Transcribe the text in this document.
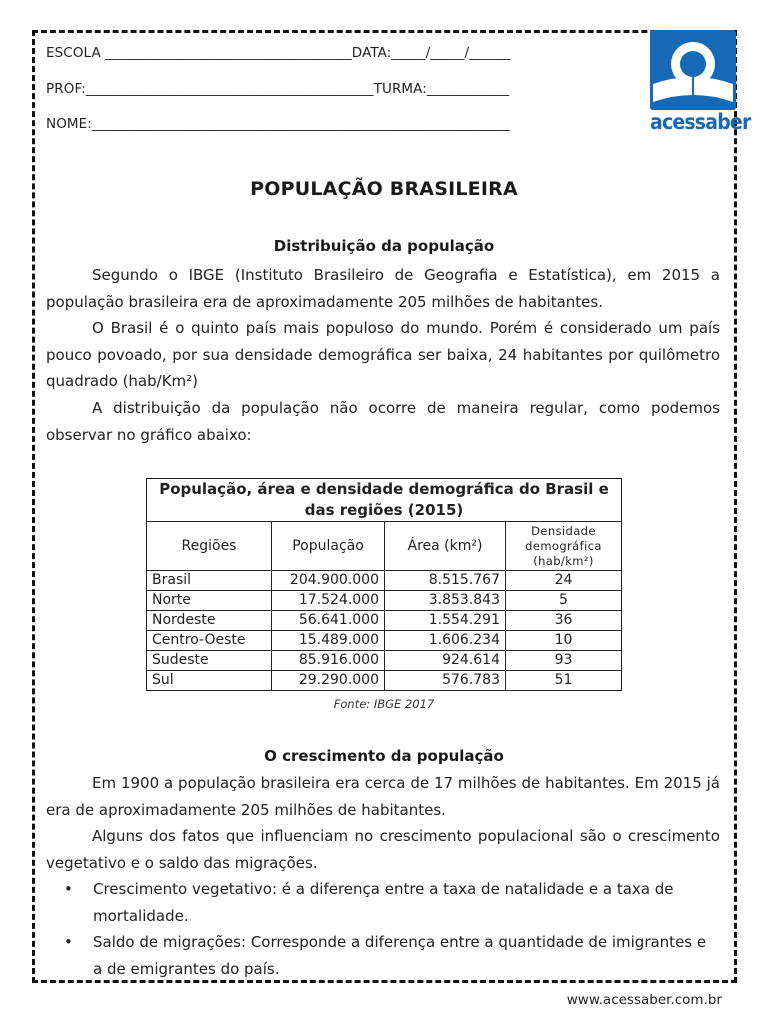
ESCOLA ____________________________________DATA:_____/_____/______
PROF:__________________________________________TURMA:____________
NOME:_____________________________________________________________	acessaber
POPULAÇÃO BRASILEIRA
Distribuição da população
Segundo o IBGE (Instituto Brasileiro de Geografia e Estatística), em 2015 a população brasileira era de aproximadamente 205 milhões de habitantes.
O Brasil é o quinto país mais populoso do mundo. Porém é considerado um país pouco povoado, por sua densidade demográfica ser baixa, 24 habitantes por quilômetro quadrado (hab/Km²)
A distribuição da população não ocorre de maneira regular, como podemos observar no gráfico abaixo:
População, área e densidade demográfica do Brasil e das regiões (2015)			
Regiões	População	Área (km²)	Densidade demográfica (hab/km²)
Brasil	204.900.000	8.515.767	24
Norte	17.524.000	3.853.843	5
Nordeste	56.641.000	1.554.291	36
Centro-Oeste	15.489.000	1.606.234	10
Sudeste	85.916.000	924.614	93
Sul	29.290.000	576.783	51
Fonte: IBGE 2017
O crescimento da população
Em 1900 a população brasileira era cerca de 17 milhões de habitantes. Em 2015 já era de aproximadamente 205 milhões de habitantes.
Alguns dos fatos que influenciam no crescimento populacional são o crescimento vegetativo e o saldo das migrações.
• Crescimento vegetativo: é a diferença entre a taxa de natalidade e a taxa de mortalidade.
• Saldo de migrações: Corresponde a diferença entre a quantidade de imigrantes e a de emigrantes do país.
www.acessaber.com.br
